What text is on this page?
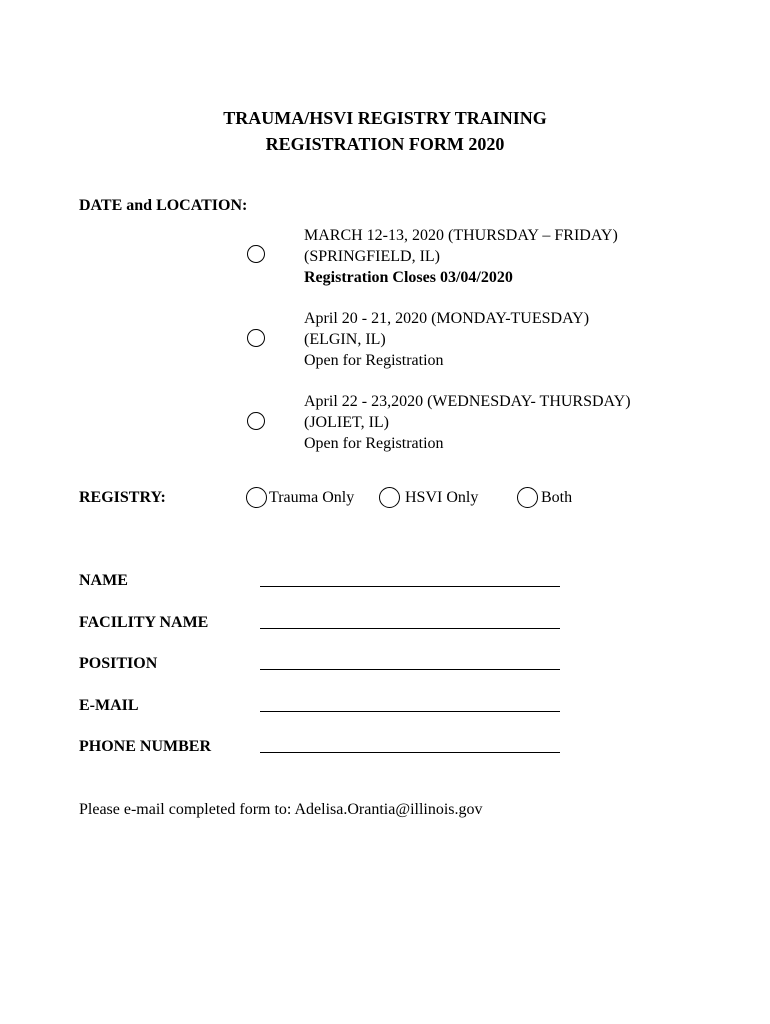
TRAUMA/HSVI REGISTRY TRAINING
REGISTRATION FORM 2020
DATE and LOCATION:
MARCH 12-13, 2020 (THURSDAY – FRIDAY)
(SPRINGFIELD, IL)
Registration Closes 03/04/2020
April 20 - 21, 2020 (MONDAY-TUESDAY)
(ELGIN, IL)
Open for Registration
April 22 - 23,2020 (WEDNESDAY- THURSDAY)
(JOLIET, IL)
Open for Registration
REGISTRY:	Trauma Only	HSVI Only	Both
NAME
FACILITY NAME
POSITION
E-MAIL
PHONE NUMBER
Please e-mail completed form to: Adelisa.Orantia@illinois.gov
